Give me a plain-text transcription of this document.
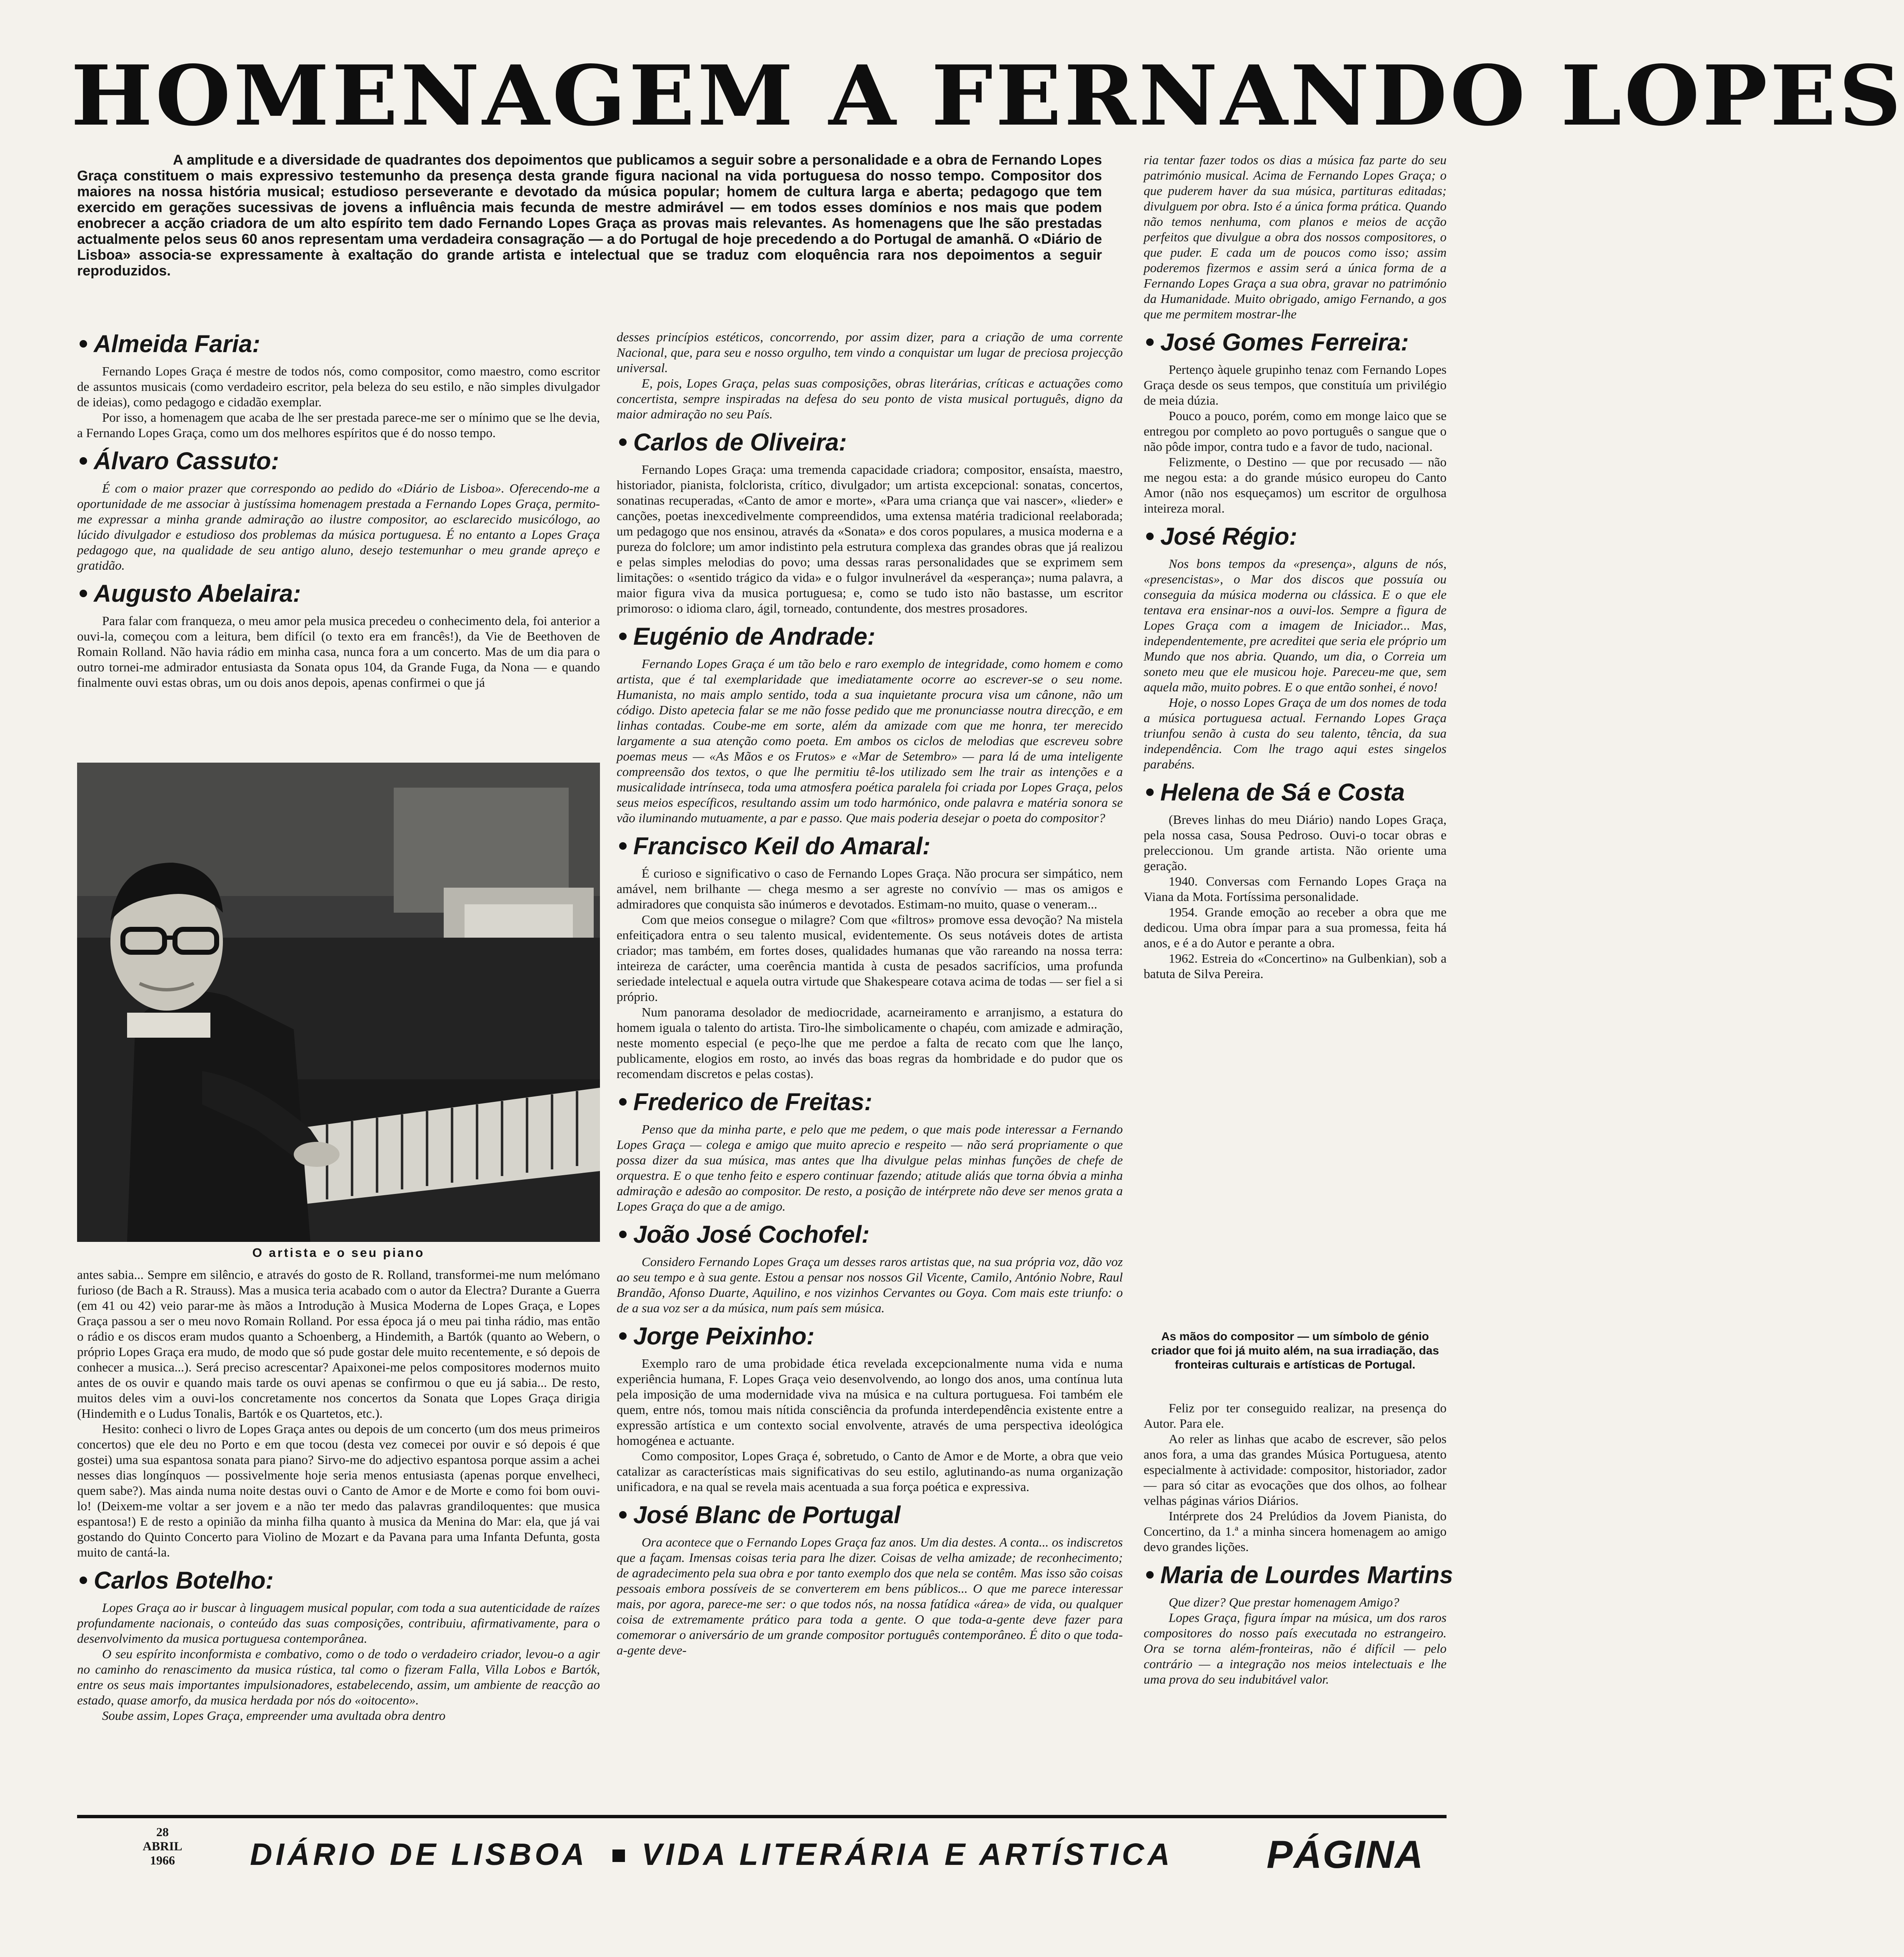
HOMENAGEM A FERNANDO LOPES
A amplitude e a diversidade de quadrantes dos depoimentos que publicamos a seguir sobre a personalidade e a obra de Fernando Lopes Graça constituem o mais expressivo testemunho da presença desta grande figura nacional na vida portuguesa do nosso tempo. Compositor dos maiores na nossa história musical; estudioso perseverante e devotado da música popular; homem de cultura larga e aberta; pedagogo que tem exercido em gerações sucessivas de jovens a influência mais fecunda de mestre admirável — em todos esses domínios e nos mais que podem enobrecer a acção criadora de um alto espírito tem dado Fernando Lopes Graça as provas mais relevantes. As homenagens que lhe são prestadas actualmente pelos seus 60 anos representam uma verdadeira consagração — a do Portugal de hoje precedendo a do Portugal de amanhã. O «Diário de Lisboa» associa-se expressamente à exaltação do grande artista e intelectual que se traduz com eloquência rara nos depoimentos a seguir reproduzidos.
Almeida Faria:

Fernando Lopes Graça é mestre de todos nós, como compositor, como maestro, como escritor de assuntos musicais (como verdadeiro escritor, pela beleza do seu estilo, e não simples divulgador de ideias), como pedagogo e cidadão exemplar.

Por isso, a homenagem que acaba de lhe ser prestada parece-me ser o mínimo que se lhe devia, a Fernando Lopes Graça, como um dos melhores espíritos que é do nosso tempo.

Álvaro Cassuto:

É com o maior prazer que correspondo ao pedido do «Diário de Lisboa». Oferecendo-me a oportunidade de me associar à justíssima homenagem prestada a Fernando Lopes Graça, permito-me expressar a minha grande admiração ao ilustre compositor, ao esclarecido musicólogo, ao lúcido divulgador e estudioso dos problemas da música portuguesa. É no entanto a Lopes Graça pedagogo que, na qualidade de seu antigo aluno, desejo testemunhar o meu grande apreço e gratidão.

Augusto Abelaira:

Para falar com franqueza, o meu amor pela musica precedeu o conhecimento dela, foi anterior a ouvi-la, começou com a leitura, bem difícil (o texto era em francês!), da Vie de Beethoven de Romain Rolland. Não havia rádio em minha casa, nunca fora a um concerto. Mas de um dia para o outro tornei-me admirador entusiasta da Sonata opus 104, da Grande Fuga, da Nona — e quando finalmente ouvi estas obras, um ou dois anos depois, apenas confirmei o que já

O artista e o seu piano

antes sabia... Sempre em silêncio, e através do gosto de R. Rolland, transformei-me num melómano furioso (de Bach a R. Strauss). Mas a musica teria acabado com o autor da Electra? Durante a Guerra (em 41 ou 42) veio parar-me às mãos a Introdução à Musica Moderna de Lopes Graça, e Lopes Graça passou a ser o meu novo Romain Rolland. Por essa época já o meu pai tinha rádio, mas então o rádio e os discos eram mudos quanto a Schoenberg, a Hindemith, a Bartók (quanto ao Webern, o próprio Lopes Graça era mudo, de modo que só pude gostar dele muito recentemente, e só depois de conhecer a musica...). Será preciso acrescentar? Apaixonei-me pelos compositores modernos muito antes de os ouvir e quando mais tarde os ouvi apenas se confirmou o que eu já sabia... De resto, muitos deles vim a ouvi-los concretamente nos concertos da Sonata que Lopes Graça dirigia (Hindemith e o Ludus Tonalis, Bartók e os Quartetos, etc.).

Hesito: conheci o livro de Lopes Graça antes ou depois de um concerto (um dos meus primeiros concertos) que ele deu no Porto e em que tocou (desta vez comecei por ouvir e só depois é que gostei) uma sua espantosa sonata para piano? Sirvo-me do adjectivo espantosa porque assim a achei nesses dias longínquos — possivelmente hoje seria menos entusiasta (apenas porque envelheci, quem sabe?). Mas ainda numa noite destas ouvi o Canto de Amor e de Morte e como foi bom ouvi-lo! (Deixem-me voltar a ser jovem e a não ter medo das palavras grandiloquentes: que musica espantosa!) E de resto a opinião da minha filha quanto à musica da Menina do Mar: ela, que já vai gostando do Quinto Concerto para Violino de Mozart e da Pavana para uma Infanta Defunta, gosta muito de cantá-la.

Carlos Botelho:

Lopes Graça ao ir buscar à linguagem musical popular, com toda a sua autenticidade de raízes profundamente nacionais, o conteúdo das suas composições, contribuiu, afirmativamente, para o desenvolvimento da musica portuguesa contemporânea.

O seu espírito inconformista e combativo, como o de todo o verdadeiro criador, levou-o a agir no caminho do renascimento da musica rústica, tal como o fizeram Falla, Villa Lobos e Bartók, entre os seus mais importantes impulsionadores, estabelecendo, assim, um ambiente de reacção ao estado, quase amorfo, da musica herdada por nós do «oitocento».

Soube assim, Lopes Graça, empreender uma avultada obra dentro

desses princípios estéticos, concorrendo, por assim dizer, para a criação de uma corrente Nacional, que, para seu e nosso orgulho, tem vindo a conquistar um lugar de preciosa projecção universal.

E, pois, Lopes Graça, pelas suas composições, obras literárias, críticas e actuações como concertista, sempre inspiradas na defesa do seu ponto de vista musical português, digno da maior admiração no seu País.

Carlos de Oliveira:

Fernando Lopes Graça: uma tremenda capacidade criadora; compositor, ensaísta, maestro, historiador, pianista, folclorista, crítico, divulgador; um artista excepcional: sonatas, concertos, sonatinas recuperadas, «Canto de amor e morte», «Para uma criança que vai nascer», «lieder» e canções, poetas inexcedivelmente compreendidos, uma extensa matéria tradicional reelaborada; um pedagogo que nos ensinou, através da «Sonata» e dos coros populares, a musica moderna e a pureza do folclore; um amor indistinto pela estrutura complexa das grandes obras que já realizou e pelas simples melodias do povo; uma dessas raras personalidades que se exprimem sem limitações: o «sentido trágico da vida» e o fulgor invulnerável da «esperança»; numa palavra, a maior figura viva da musica portuguesa; e, como se tudo isto não bastasse, um escritor primoroso: o idioma claro, ágil, torneado, contundente, dos mestres prosadores.

Eugénio de Andrade:

Fernando Lopes Graça é um tão belo e raro exemplo de integridade, como homem e como artista, que é tal exemplaridade que imediatamente ocorre ao escrever-se o seu nome. Humanista, no mais amplo sentido, toda a sua inquietante procura visa um cânone, não um código. Disto apetecia falar se me não fosse pedido que me pronunciasse noutra direcção, e em linhas contadas. Coube-me em sorte, além da amizade com que me honra, ter merecido largamente a sua atenção como poeta. Em ambos os ciclos de melodias que escreveu sobre poemas meus — «As Mãos e os Frutos» e «Mar de Setembro» — para lá de uma inteligente compreensão dos textos, o que lhe permitiu tê-los utilizado sem lhe trair as intenções e a musicalidade intrínseca, toda uma atmosfera poética paralela foi criada por Lopes Graça, pelos seus meios específicos, resultando assim um todo harmónico, onde palavra e matéria sonora se vão iluminando mutuamente, a par e passo. Que mais poderia desejar o poeta do compositor?

Francisco Keil do Amaral:

É curioso e significativo o caso de Fernando Lopes Graça. Não procura ser simpático, nem amável, nem brilhante — chega mesmo a ser agreste no convívio — mas os amigos e admiradores que conquista são inúmeros e devotados. Estimam-no muito, quase o veneram...

Com que meios consegue o milagre? Com que «filtros» promove essa devoção? Na mistela enfeitiçadora entra o seu talento musical, evidentemente. Os seus notáveis dotes de artista criador; mas também, em fortes doses, qualidades humanas que vão rareando na nossa terra: inteireza de carácter, uma coerência mantida à custa de pesados sacrifícios, uma profunda seriedade intelectual e aquela outra virtude que Shakespeare cotava acima de todas — ser fiel a si próprio.

Num panorama desolador de mediocridade, acarneiramento e arranjismo, a estatura do homem iguala o talento do artista. Tiro-lhe simbolicamente o chapéu, com amizade e admiração, neste momento especial (e peço-lhe que me perdoe a falta de recato com que lhe lanço, publicamente, elogios em rosto, ao invés das boas regras da hombridade e do pudor que os recomendam discretos e pelas costas).

Frederico de Freitas:

Penso que da minha parte, e pelo que me pedem, o que mais pode interessar a Fernando Lopes Graça — colega e amigo que muito aprecio e respeito — não será propriamente o que possa dizer da sua música, mas antes que lha divulgue pelas minhas funções de chefe de orquestra. E o que tenho feito e espero continuar fazendo; atitude aliás que torna óbvia a minha admiração e adesão ao compositor. De resto, a posição de intérprete não deve ser menos grata a Lopes Graça do que a de amigo.

João José Cochofel:

Considero Fernando Lopes Graça um desses raros artistas que, na sua própria voz, dão voz ao seu tempo e à sua gente. Estou a pensar nos nossos Gil Vicente, Camilo, António Nobre, Raul Brandão, Afonso Duarte, Aquilino, e nos vizinhos Cervantes ou Goya. Com mais este triunfo: o de a sua voz ser a da música, num país sem música.

Jorge Peixinho:

Exemplo raro de uma probidade ética revelada excepcionalmente numa vida e numa experiência humana, F. Lopes Graça veio desenvolvendo, ao longo dos anos, uma contínua luta pela imposição de uma modernidade viva na música e na cultura portuguesa. Foi também ele quem, entre nós, tomou mais nítida consciência da profunda interdependência existente entre a expressão artística e um contexto social envolvente, através de uma perspectiva ideológica homogénea e actuante.

Como compositor, Lopes Graça é, sobretudo, o Canto de Amor e de Morte, a obra que veio catalizar as características mais significativas do seu estilo, aglutinando-as numa organização unificadora, e na qual se revela mais acentuada a sua força poética e expressiva.

José Blanc de Portugal

Ora acontece que o Fernando Lopes Graça faz anos. Um dia destes. A conta... os indiscretos que a façam. Imensas coisas teria para lhe dizer. Coisas de velha amizade; de reconhecimento; de agradecimento pela sua obra e por tanto exemplo dos que nela se contêm. Mas isso são coisas pessoais embora possíveis de se converterem em bens públicos... O que me parece interessar mais, por agora, parece-me ser: o que todos nós, na nossa fatídica «área» de vida, ou qualquer coisa de extremamente prático para toda a gente. O que toda-a-gente deve fazer para comemorar o aniversário de um grande compositor português contemporâneo. É dito o que toda-a-gente deve-

ria tentar fazer todos os dias a música faz parte do seu património musical. Acima de Fernando Lopes Graça; o que puderem haver da sua música, partituras editadas; divulguem por obra. Isto é a única forma prática. Quando não temos nenhuma, com planos e meios de acção perfeitos que divulgue a obra dos nossos compositores, o que puder. E cada um de poucos como isso; assim poderemos fizermos e assim será a única forma de a Fernando Lopes Graça a sua obra, gravar no património da Humanidade. Muito obrigado, amigo Fernando, a gos que me permitem mostrar-lhe

José Gomes Ferreira:

Pertenço àquele grupinho tenaz com Fernando Lopes Graça desde os seus tempos, que constituía um privilégio de meia dúzia.

Pouco a pouco, porém, como em monge laico que se entregou por completo ao povo português o sangue que o não pôde impor, contra tudo e a favor de tudo, nacional.

Felizmente, o Destino — que por recusado — não me negou esta: a do grande músico europeu do Canto Amor (não nos esqueçamos) um escritor de orgulhosa inteireza moral.

José Régio:

Nos bons tempos da «presença», alguns de nós, «presencistas», o Mar dos discos que possuía ou conseguia da música moderna ou clássica. E o que ele tentava era ensinar-nos a ouvi-los. Sempre a figura de Lopes Graça com a imagem de Iniciador... Mas, independentemente, pre acreditei que seria ele próprio um Mundo que nos abria. Quando, um dia, o Correia um soneto meu que ele musicou hoje. Pareceu-me que, sem aquela mão, muito pobres. E o que então sonhei, é novo!

Hoje, o nosso Lopes Graça de um dos nomes de toda a música portuguesa actual. Fernando Lopes Graça triunfou senão à custa do seu talento, tência, da sua independência. Com lhe trago aqui estes singelos parabéns.

Helena de Sá e Costa

(Breves linhas do meu Diário) nando Lopes Graça, pela nossa casa, Sousa Pedroso. Ouvi-o tocar obras e preleccionou. Um grande artista. Não oriente uma geração.

1940. Conversas com Fernando Lopes Graça na Viana da Mota. Fortíssima personalidade.

1954. Grande emoção ao receber a obra que me dedicou. Uma obra ímpar para a sua promessa, feita há anos, e é a do Autor e perante a obra.

1962. Estreia do «Concertino» na Gulbenkian), sob a batuta de Silva Pereira.

As mãos do compositor — um símbolo de génio criador que foi já muito além, na sua irradiação, das fronteiras culturais e artísticas de Portugal.

Feliz por ter conseguido realizar, na presença do Autor. Para ele.

Ao reler as linhas que acabo de escrever, são pelos anos fora, a uma das grandes Música Portuguesa, atento especialmente à actividade: compositor, historiador, zador — para só citar as evocações que dos olhos, ao folhear velhas páginas vários Diários.

Intérprete dos 24 Prelúdios da Jovem Pianista, do Concertino, da 1.ª a minha sincera homenagem ao amigo devo grandes lições.

Maria de Lourdes Martins

Que dizer? Que prestar homenagem Amigo?

Lopes Graça, figura ímpar na música, um dos raros compositores do nosso país executada no estrangeiro. Ora se torna além-fronteiras, não é difícil — pelo contrário — a integração nos meios intelectuais e lhe uma prova do seu indubitável valor.

28
ABRIL
1966	DIÁRIO DE LISBOA VIDA LITERÁRIA E ARTÍSTICA PÁGINA
